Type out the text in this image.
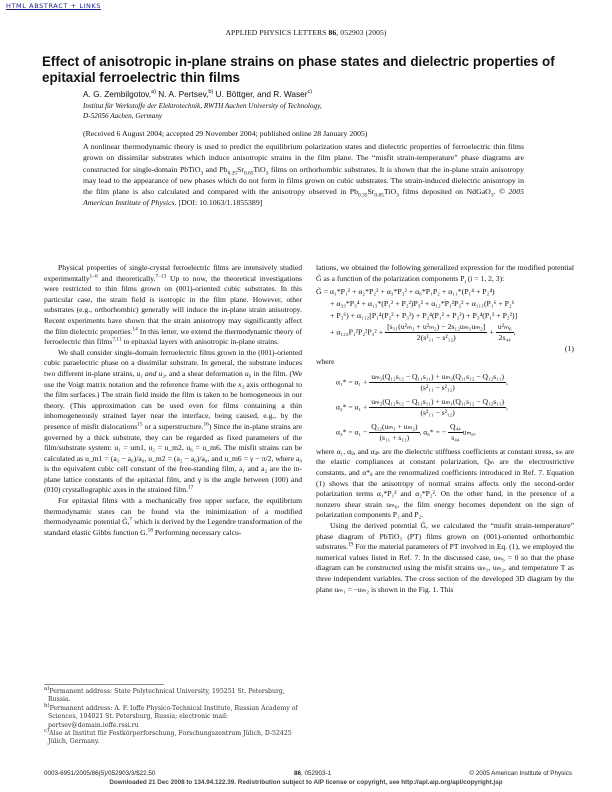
HTML ABSTRACT + LINKS
APPLIED PHYSICS LETTERS 86, 052903 (2005)
Effect of anisotropic in-plane strains on phase states and dielectric properties of epitaxial ferroelectric thin films
A. G. Zembilgotov,$^{a)}$ N. A. Pertsev,$^{b)}$ U. Böttger, and R. Waser$^{c)}$
Institut für Werkstoffe der Elektrotechnik, RWTH Aachen University of Technology,
D-52056 Aachen, Germany
(Received 6 August 2004; accepted 29 November 2004; published online 28 January 2005)
A nonlinear thermodynamic theory is used to predict the equilibrium polarization states and dielectric properties of ferroelectric thin films grown on dissimilar substrates which induce anisotropic strains in the film plane. The “misfit strain-temperature” phase diagrams are constructed for single-domain PbTiO$_3$ and $Pb_{0.35}Sr_{0.65}TiO_3$ films on orthorhombic substrates. It is shown that the in-plane strain anisotropy may lead to the appearance of new phases which do not form in films grown on cubic substrates. The strain-induced dielectric anisotropy in the film plane is also calculated and compared with the anisotropy observed in $Pb_{0.35}Sr_{0.65}TiO_3$ films deposited on NdGaO$_3$. © 2005 American Institute of Physics. [DOI: 10.1063/1.1855389]

Physical properties of single-crystal ferroelectric films are intensively studied experimentally$^{1-6}$ and theoretically.$^{7-13}$ Up to now, the theoretical investigations were restricted to thin films grown on (001)-oriented cubic substrates. In this particular case, the strain field is isotropic in the film plane. However, other substrates (e.g., orthorhombic) generally will induce the in-plane strain anisotropy. Recent experiments have shown that the strain anisotropy may significantly affect the film dielectric properties.$^{14}$ In this letter, we extend the thermodynamic theory of ferroelectric thin films$^{7,11}$ to epitaxial layers with anisotropic in-plane strains.

We shall consider single-domain ferroelectric films grown in the (001)-oriented cubic paraelectric phase on a dissimilar substrate. In general, the substrate induces two different in-plane strains, u₁ and u₂, and a shear deformation u₆ in the film. (We use the Voigt matrix notation and the reference frame with the x₃ axis orthogonal to the film surfaces.) The strain field inside the film is taken to be homogeneous in our theory. (This approximation can be used even for films containing a thin inhomogeneously strained layer near the interface, being caused, e.g., by the presence of misfit dislocations$^{15}$ or a superstructure.$^{16}$) Since the in-plane strains are governed by a thick substrate, they can be regarded as fixed parameters of the film/substrate system: u₁ = um1, u₂ = u_m2, u₆ = u_m6. The misfit strains can be calculated as u_m1 = (a₁ − a₀)/a₀, u_m2 = (a₂ − a₀)/a₀, and u_m6 = γ − π/2, where a₀ is the equivalent cubic cell constant of the free-standing film, a₁ and a₂ are the in-plane lattice constants of the epitaxial film, and γ is the angle between (100) and (010) crystallographic axes in the strained film.$^{17}$

For epitaxial films with a mechanically free upper surface, the equilibrium thermodynamic states can be found via the minimization of a modified thermodynamic potential G̃,$^7$ which is derived by the Legendre transformation of the standard elastic Gibbs function G.$^{18}$ Performing necessary calcu-

lations, we obtained the following generalized expression for the modified potential G̃ as a function of the polarization components $P_i$ (i = 1, 2, 3):

G̃ = α₁*P₁² + α₂*P₂² + α₃*P₃² + α₆*P₁P₂ + α₁₁*(P₁⁴ + P₂⁴)
+ α₃₃*P₃⁴ + α₁₃*(P₁² + P₂²)P₃² + α₁₂*P₁²P₂² + α₁₁₁(P₁⁶ + P₂⁶
+ P₃⁶) + α₁₁₂[P₁⁴(P₂² + P₃²) + P₂⁴(P₁² + P₃²) + P₃⁴(P₁² + P₂²)]
+ $\alpha_{123}P_1^2P_2^2P_3^2 + \frac{\text{[s₁₁(u²ₘ₁ + u²ₘ₂) − 2s₁₂uₘ₁uₘ₂]}}{\text{2(s²₁₁ − s²₁₂)}} + \frac{\text{u²ₘ₆}}{\text{2s₄₄}}$ ,
(1)

where

$\alpha_1* = \alpha_1 + \frac{\text{uₘ₁(Q₁₂s₁₂ − Q₁₁s₁₁) + uₘ₂(Q₁₁s₁₂ − Q₁₂s₁₁)}}{\text{(s²₁₁ − s²₁₂)}}$ ,
$\alpha_2* = \alpha_1 + \frac{\text{uₘ₂(Q₁₂s₁₂ − Q₁₁s₁₁) + uₘ₁(Q₁₁s₁₂ − Q₁₂s₁₁)}}{\text{(s²₁₁ − s²₁₂)}}$ ,
$\alpha_3* = \alpha_1 - \frac{\text{Q₁₂(uₘ₁ + uₘ₂)}}{\text{(s₁₁ + s₁₂)}}$ , α₆* = − $\frac{\text{Q₄₄}}{\text{s₄₄}} u_{m6}$,

where α₁, αᵢⱼ, and αᵢⱼₖ are the dielectric stiffness coefficients at constant stress, sₗₙ are the elastic compliances at constant polarization, Qₗₙ are the electrostrictive constants, and α*ᵢⱼ are the renormalized coefficients introduced in Ref. 7. Equation (1) shows that the anisotropy of normal strains affects only the second-order polarization terms α₁*P₁² and α₂*P₂². On the other hand, in the presence of a nonzero shear strain uₘ₆, the film energy becomes dependent on the sign of polarization components P₁ and P₂.

Using the derived potential G̃, we calculated the “misfit strain-temperature” phase diagram of PbTiO₃ (PT) films grown on (001)-oriented orthorhombic substrates.$^{19}$ For the material parameters of PT involved in Eq. (1), we employed the numerical values listed in Ref. 7. In the discussed case, uₘ₆ = 0 so that the phase diagram can be constructed using the misfit strains uₘ₁, uₘ₂, and temperature T as three independent variables. The cross section of the developed 3D diagram by the plane uₘ₁ = −uₘ₂ is shown in the Fig. 1. This

$^{a)}$Permanent address: State Polytechnical University, 195251 St. Petersburg, Russia.
$^{b)}$Permanent address: A. F. Ioffe Physico-Technical Institute, Russian Academy of Sciences, 194021 St. Petersburg, Russia; electronic mail: pertsev@domain.ioffe.rssi.ru
$^{c)}$Also at Institut für Festkörperforschung, Forschungszentrum Jülich, D-52425 Jülich, Germany.
0003-6951/2005/86(5)/052903/3/$22.50	86, 052903-1	© 2005 American Institute of Physics
Downloaded 21 Dec 2008 to 134.94.122.39. Redistribution subject to AIP license or copyright, see http://apl.aip.org/apl/copyright.jsp
